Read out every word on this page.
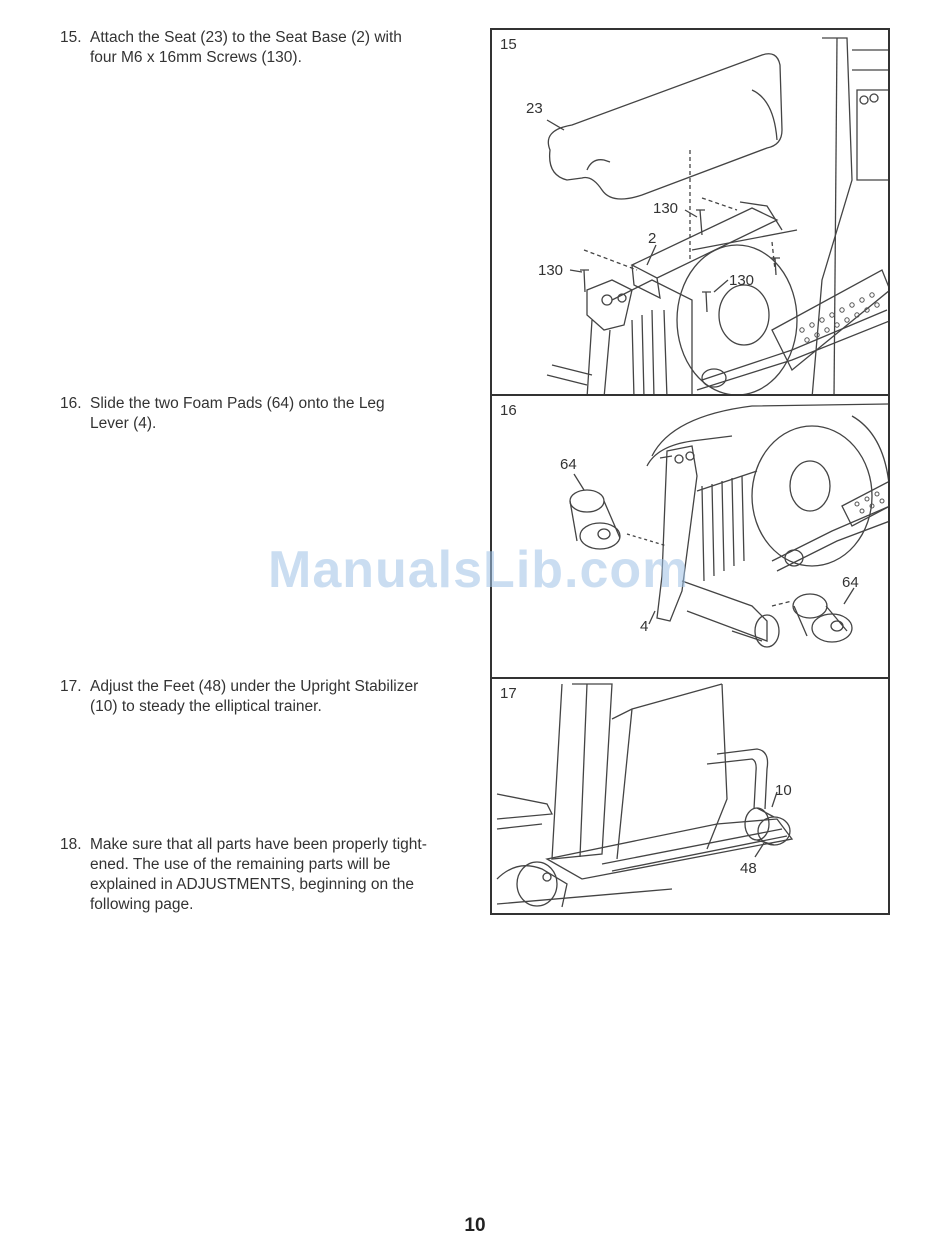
15. Attach the Seat (23) to the Seat Base (2) with
four M6 x 16mm Screws (130).
16. Slide the two Foam Pads (64) onto the Leg
Lever (4).
17. Adjust the Feet (48) under the Upright Stabilizer
(10) to steady the elliptical trainer.
18. Make sure that all parts have been properly tight-
ened. The use of the remaining parts will be
explained in ADJUSTMENTS, beginning on the
following page.
15
23
130
2
130
130
16
64
64
4
17
10
48
ManualsLib.com
10
